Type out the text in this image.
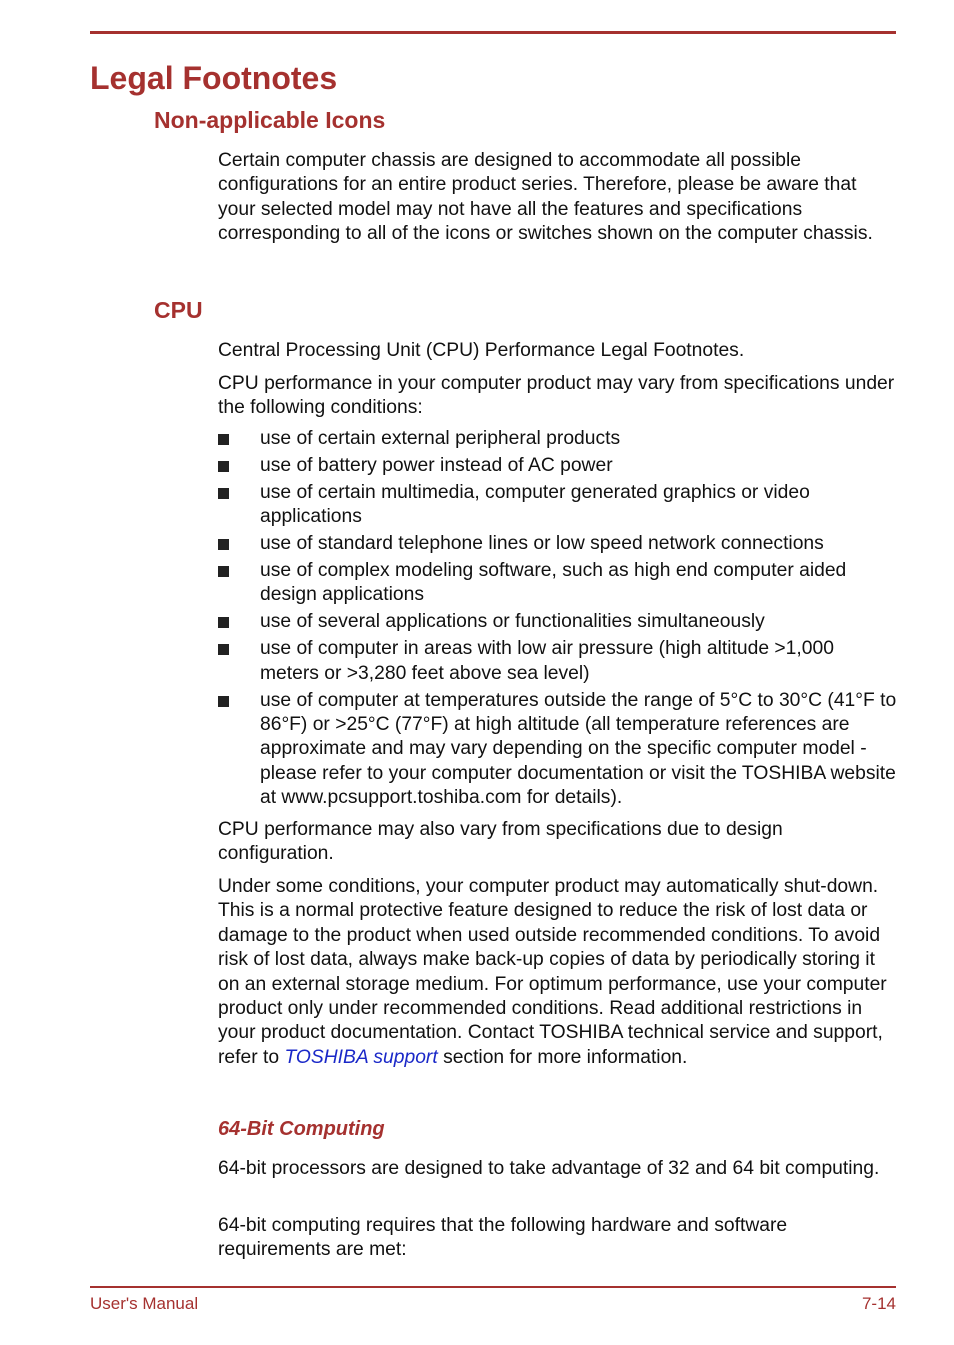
Legal Footnotes
Non-applicable Icons

Certain computer chassis are designed to accommodate all possible configurations for an entire product series. Therefore, please be aware that your selected model may not have all the features and specifications corresponding to all of the icons or switches shown on the computer chassis.

CPU

Central Processing Unit (CPU) Performance Legal Footnotes.

CPU performance in your computer product may vary from specifications under the following conditions:

use of certain external peripheral products
use of battery power instead of AC power
use of certain multimedia, computer generated graphics or video applications
use of standard telephone lines or low speed network connections
use of complex modeling software, such as high end computer aided design applications
use of several applications or functionalities simultaneously
use of computer in areas with low air pressure (high altitude >1,000 meters or >3,280 feet above sea level)
use of computer at temperatures outside the range of 5°C to 30°C (41°F to 86°F) or >25°C (77°F) at high altitude (all temperature references are approximate and may vary depending on the specific computer model - please refer to your computer documentation or visit the TOSHIBA website at www.pcsupport.toshiba.com for details).

CPU performance may also vary from specifications due to design configuration.

Under some conditions, your computer product may automatically shut-down. This is a normal protective feature designed to reduce the risk of lost data or damage to the product when used outside recommended conditions. To avoid risk of lost data, always make back-up copies of data by periodically storing it on an external storage medium. For optimum performance, use your computer product only under recommended conditions. Read additional restrictions in your product documentation. Contact TOSHIBA technical service and support, refer to TOSHIBA support section for more information.

64-Bit Computing

64-bit processors are designed to take advantage of 32 and 64 bit computing.

64-bit computing requires that the following hardware and software requirements are met:

User's Manual	7-14
